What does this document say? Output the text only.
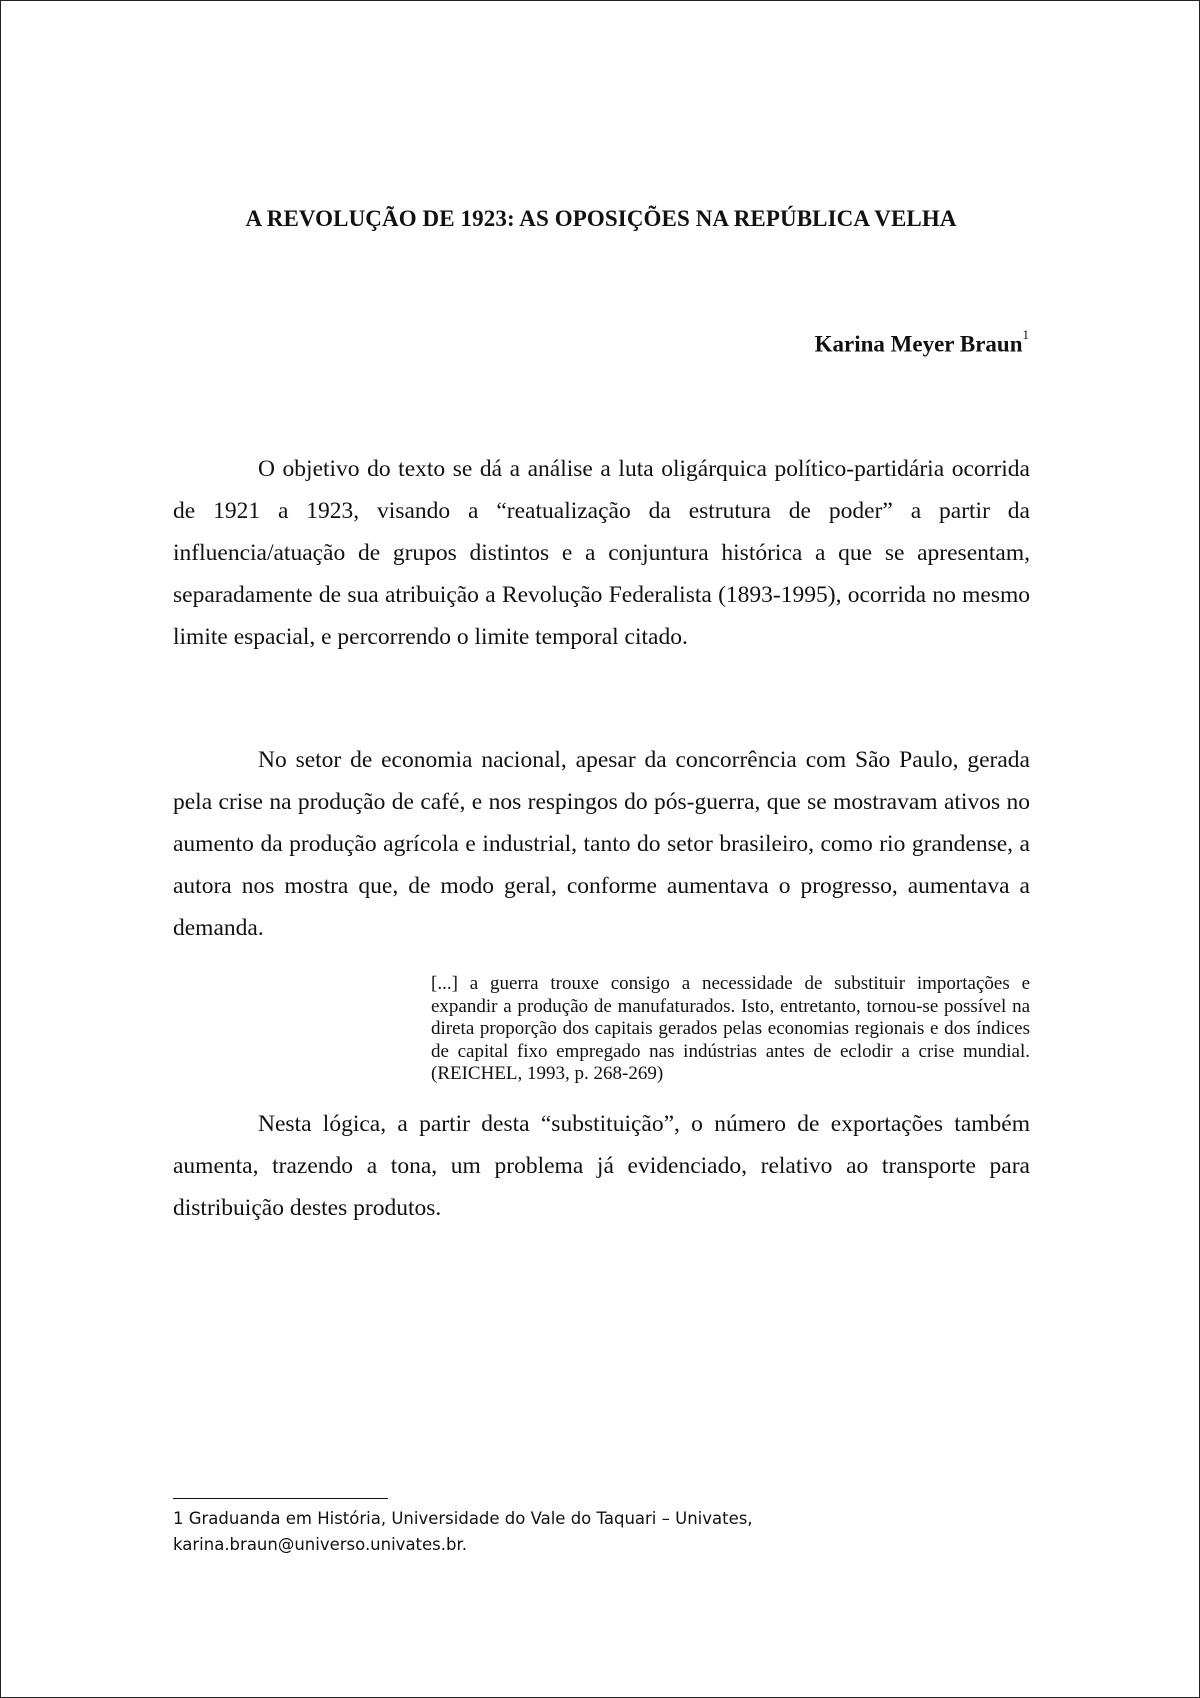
A REVOLUÇÃO DE 1923: AS OPOSIÇÕES NA REPÚBLICA VELHA
Karina Meyer Braun$^1$

O objetivo do texto se dá a análise a luta oligárquica político-partidária ocorrida de 1921 a 1923, visando a “reatualização da estrutura de poder” a partir da influencia/atuação de grupos distintos e a conjuntura histórica a que se apresentam, separadamente de sua atribuição a Revolução Federalista (1893-1995), ocorrida no mesmo limite espacial, e percorrendo o limite temporal citado.

No setor de economia nacional, apesar da concorrência com São Paulo, gerada pela crise na produção de café, e nos respingos do pós-guerra, que se mostravam ativos no aumento da produção agrícola e industrial, tanto do setor brasileiro, como rio grandense, a autora nos mostra que, de modo geral, conforme aumentava o progresso, aumentava a demanda.

[...] a guerra trouxe consigo a necessidade de substituir importações e expandir a produção de manufaturados. Isto, entretanto, tornou-se possível na direta proporção dos capitais gerados pelas economias regionais e dos índices de capital fixo empregado nas indústrias antes de eclodir a crise mundial. (REICHEL, 1993, p. 268-269)

Nesta lógica, a partir desta “substituição”, o número de exportações também aumenta, trazendo a tona, um problema já evidenciado, relativo ao transporte para distribuição destes produtos.

1 Graduanda em História, Universidade do Vale do Taquari – Univates,
karina.braun@universo.univates.br.
